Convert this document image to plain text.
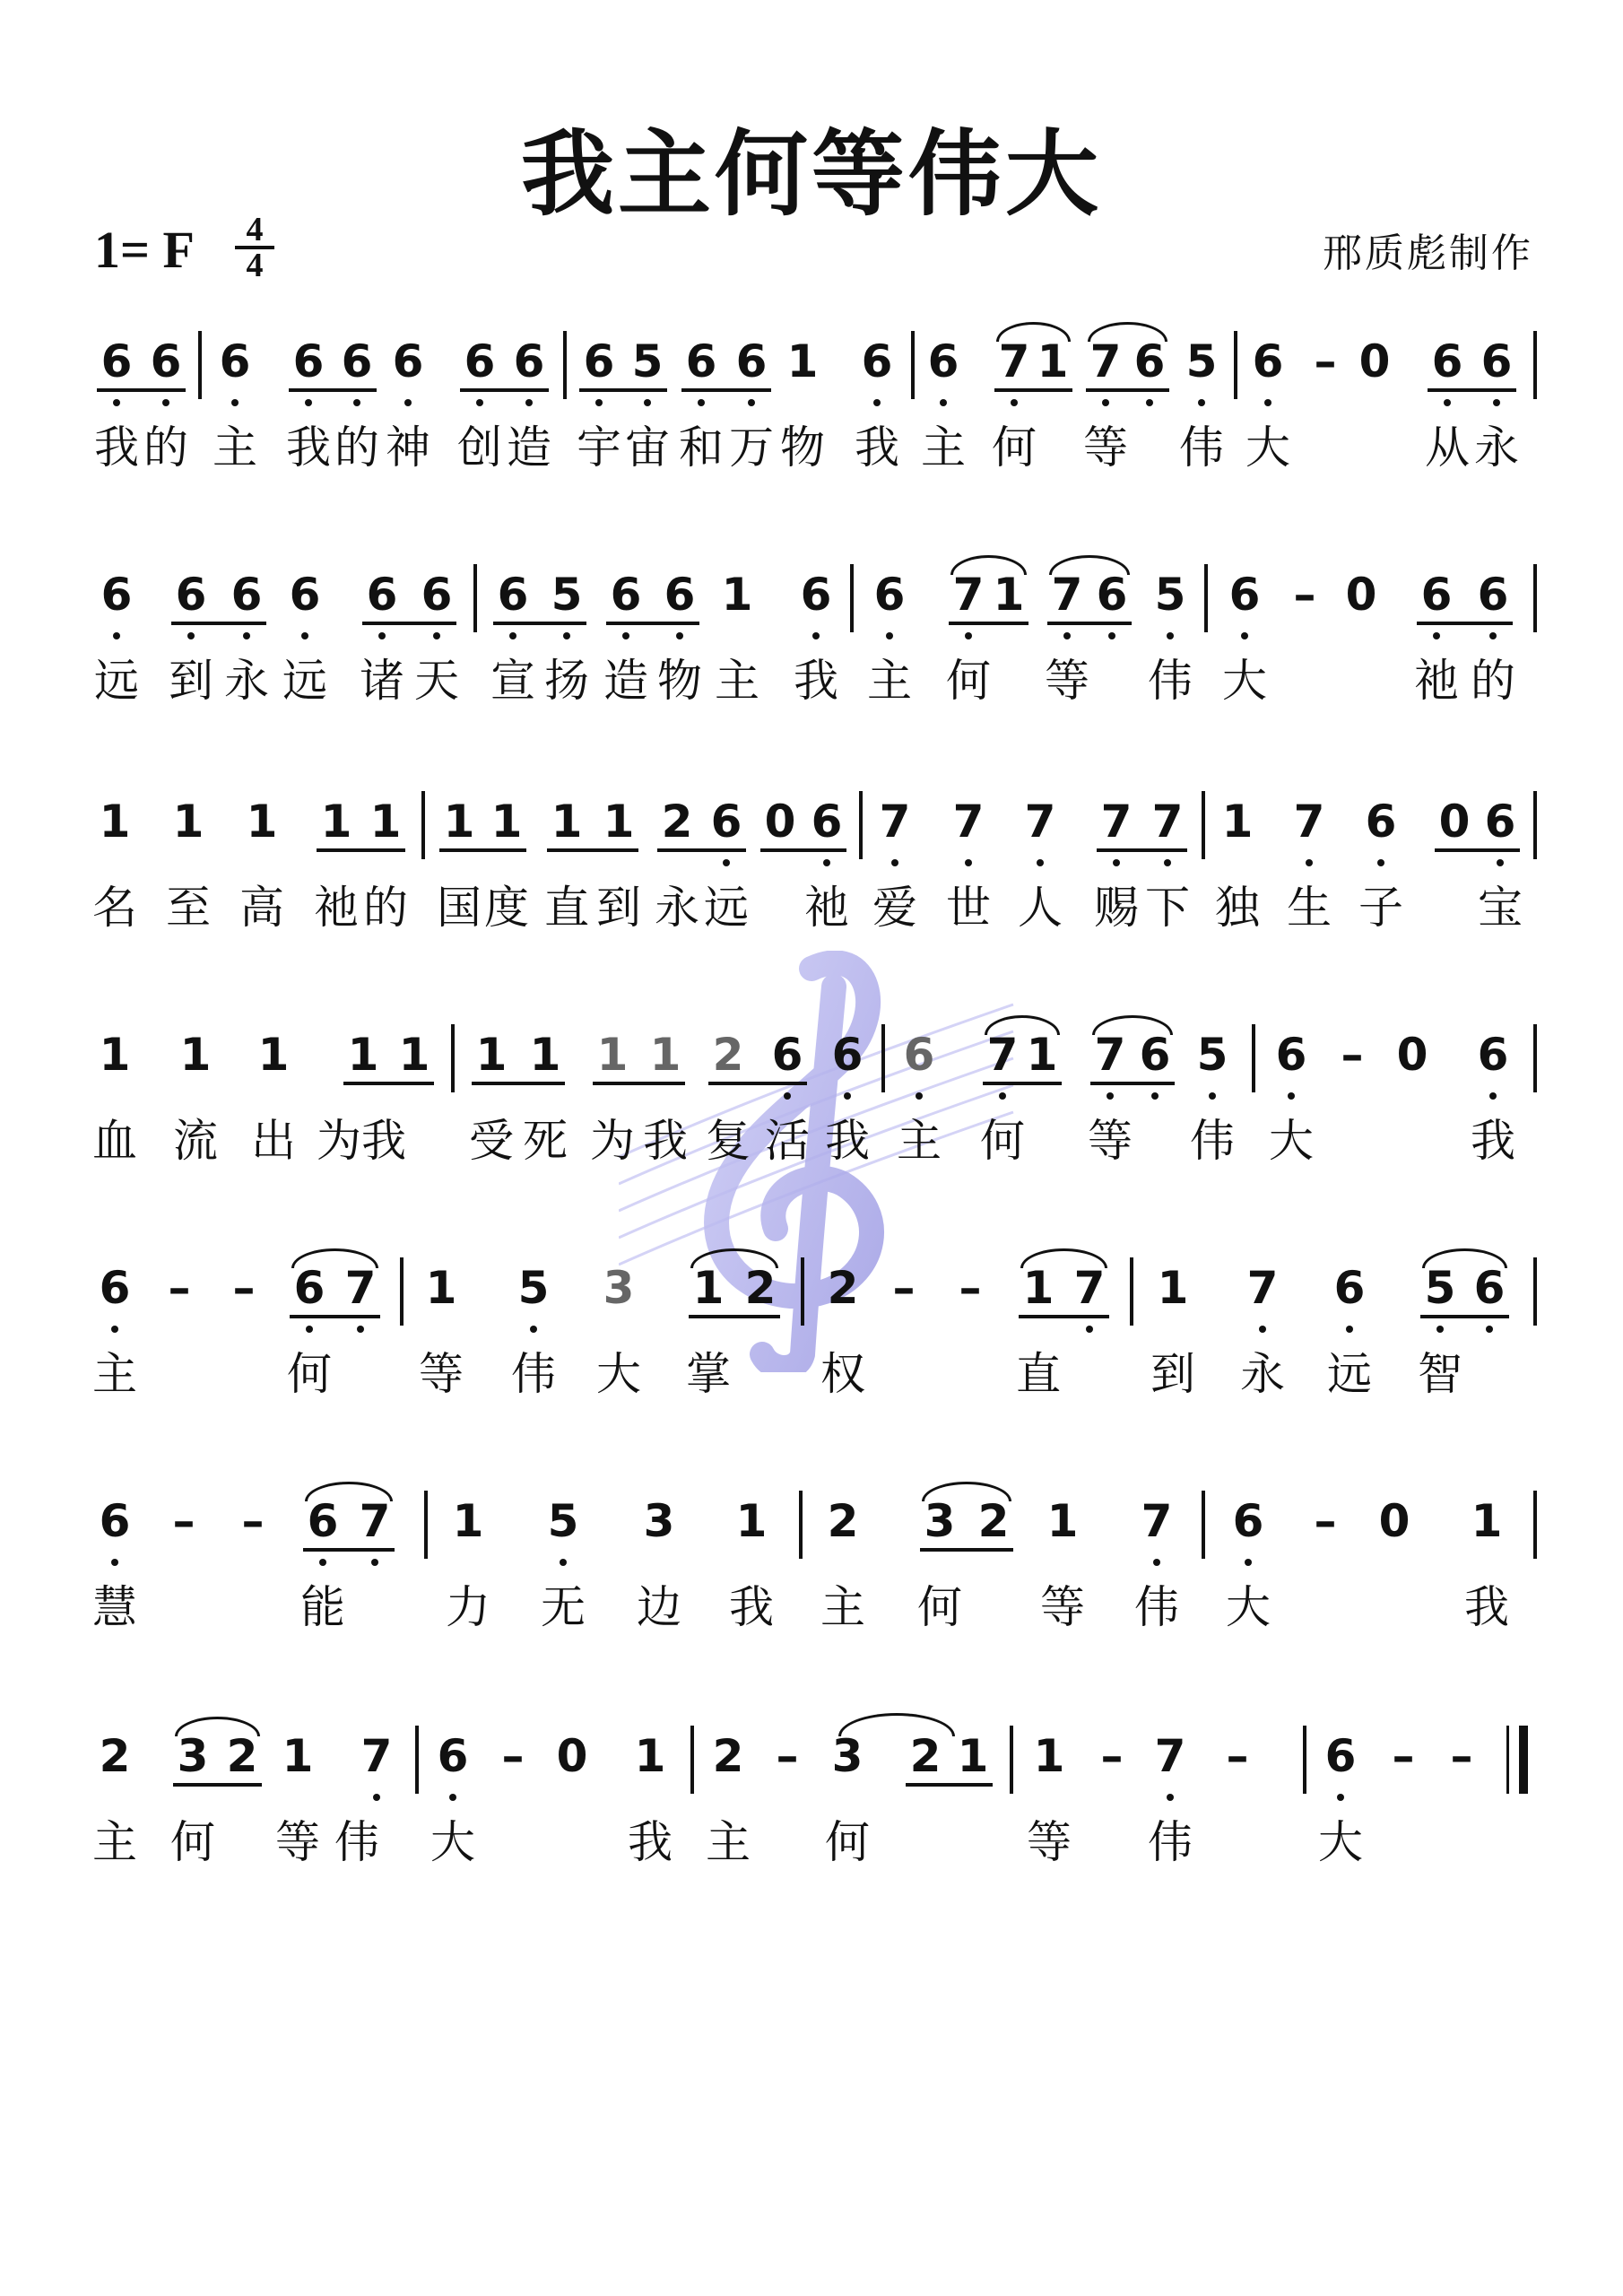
我主何等伟大
1= F	4
4	邢质彪制作
6 6 6 6 6 6 6 6 6 5 6 6 1 6 6 7 1 7 6 5 6 – 0 6 6
我 的 主 我 的 神 创 造 宇 宙 和 万 物 我 主 何 等 伟 大	从 永
6 6 6 6 6 6 6 5 6 6 1 6 6 7 1 7 6 5 6 – 0 6 6
远 到 永 远 诸 天 宣 扬 造 物 主 我 主 何 等 伟 大	祂 的
1 1 1 1 1 1 1 1 1 2 6 0 6 7 7 7 7 7 1 7 6 0 6
名 至 高 祂 的 国 度 直 到 永 远 祂 爱 世 人 赐 下 独 生 子 宝
1 1 1 1 1 1 1 1 1 2 6 6 6 7 1 7 6 5 6 – 0 6
血 流 出 为 我 受 死 为 我 复 活 我 主 何 等 伟 大	我
6 – – 6 7 1 5 3 1 2 2 – – 1 7 1 7 6 5 6
主	何 等 伟 大 掌 权	直 到 永 远 智
6 –	– 6 7 1 5 3 1 2 3 2 1 7 6	– 0 1
慧	能 力 无 边 我 主 何 等 伟 大	我
2 3 2 1 7 6 – 0 1 2 – 3 2 1 1 – 7 –	6 – –
主 何 等 伟 大	我 主 何	等 伟	大
